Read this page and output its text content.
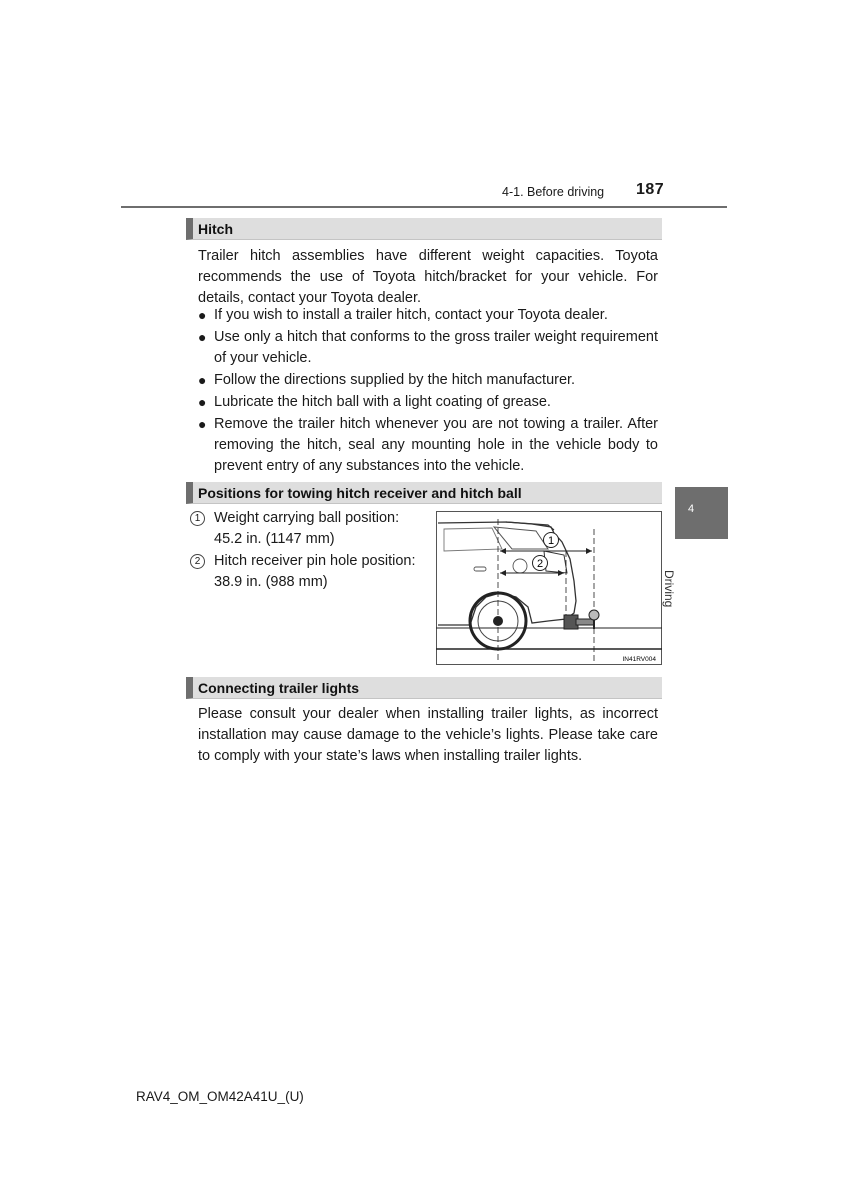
4-1. Before driving 187
4
Driving
Hitch

Trailer hitch assemblies have different weight capacities. Toyota recommends the use of Toyota hitch/bracket for your vehicle. For details, contact your Toyota dealer.

● If you wish to install a trailer hitch, contact your Toyota dealer.
● Use only a hitch that conforms to the gross trailer weight requirement of your vehicle.
● Follow the directions supplied by the hitch manufacturer.
● Lubricate the hitch ball with a light coating of grease.
● Remove the trailer hitch whenever you are not towing a trailer. After removing the hitch, seal any mounting hole in the vehicle body to prevent entry of any substances into the vehicle.
Positions for towing hitch receiver and hitch ball
1 Weight carrying ball position:
45.2 in. (1147 mm)
2 Hitch receiver pin hole position:
38.9 in. (988 mm)
1
2
IN41RV004
Connecting trailer lights

Please consult your dealer when installing trailer lights, as incorrect installation may cause damage to the vehicle’s lights. Please take care to comply with your state’s laws when installing trailer lights.

RAV4_OM_OM42A41U_(U)
